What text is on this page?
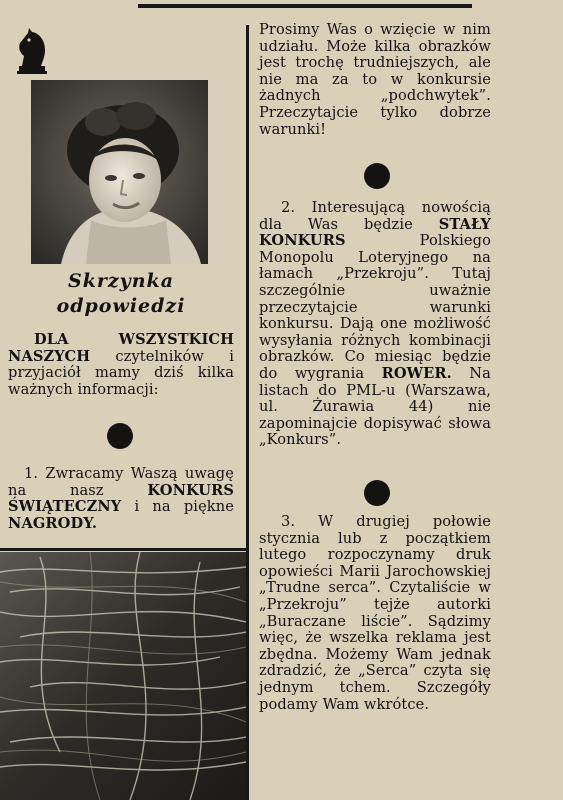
Skrzynka
odpowiedzi

DLA WSZYSTKICH NASZYCH czytelników i przyjaciół mamy dziś kilka ważnych informacji:

1. Zwracamy Waszą uwagę na nasz KONKURS ŚWIĄTECZNY i na piękne NAGRODY.

Prosimy Was o wzięcie w nim udziału. Może kilka obrazków jest trochę trudniejszych, ale nie ma za to w konkursie żadnych „podchwytek”. Przeczytajcie tylko dobrze warunki!

2. Interesującą nowością dla Was będzie STAŁY KONKURS Polskiego Monopolu Loteryjnego na łamach „Przekroju”. Tutaj szczególnie uważnie przeczytajcie warunki konkursu. Dają one możliwość wysyłania różnych kombinacji obrazków. Co miesiąc będzie do wygrania ROWER. Na listach do PML-u (Warszawa, ul. Żurawia 44) nie zapominajcie dopisywać słowa „Konkurs”.

3. W drugiej połowie stycznia lub z początkiem lutego rozpoczynamy druk opowieści Marii Jarochowskiej „Trudne serca”. Czytaliście w „Przekroju” tejże autorki „Buraczane liście”. Sądzimy więc, że wszelka reklama jest zbędna. Możemy Wam jednak zdradzić, że „Serca” czyta się jednym tchem. Szczegóły podamy Wam wkrótce.
